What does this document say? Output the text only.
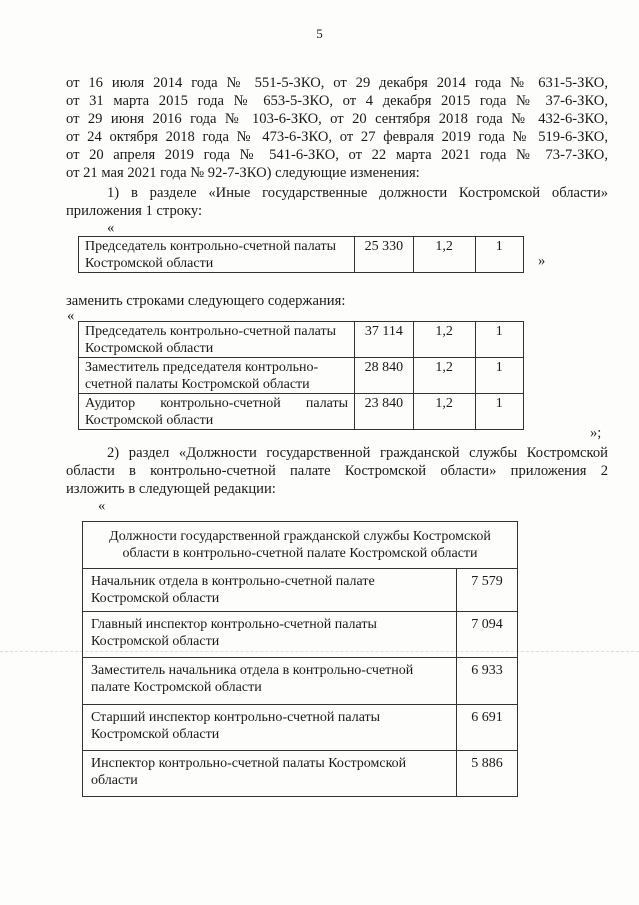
5
от 16 июля 2014 года № 551-5-ЗКО, от 29 декабря 2014 года № 631-5-ЗКО,
от 31 марта 2015 года № 653-5-ЗКО, от 4 декабря 2015 года № 37-6-ЗКО,
от 29 июня 2016 года № 103-6-ЗКО, от 20 сентября 2018 года № 432-6-ЗКО,
от 24 октября 2018 года № 473-6-ЗКО, от 27 февраля 2019 года № 519-6-ЗКО,
от 20 апреля 2019 года № 541-6-ЗКО, от 22 марта 2021 года № 73-7-ЗКО,
от 21 мая 2021 года № 92-7-ЗКО) следующие изменения:
1) в разделе «Иные государственные должности Костромской области»
приложения 1 строку:
«
Председатель контрольно-счетной палаты Костромской области	25 330	1,2	1
»
заменить строками следующего содержания:
«
Председатель контрольно-счетной палаты Костромской области	37 114	1,2	1
Заместитель председателя контрольно-счетной палаты Костромской области	28 840	1,2	1
Аудитор контрольно-счетной палаты Костромской области	23 840	1,2	1
»;
2) раздел «Должности государственной гражданской службы Костромской
области в контрольно-счетной палате Костромской области» приложения 2
изложить в следующей редакции:
«
Должности государственной гражданской службы Костромской области в контрольно-счетной палате Костромской области	
Начальник отдела в контрольно-счетной палате Костромской области	7 579
Главный инспектор контрольно-счетной палаты Костромской области	7 094
Заместитель начальника отдела в контрольно-счетной палате Костромской области	6 933
Старший инспектор контрольно-счетной палаты Костромской области	6 691
Инспектор контрольно-счетной палаты Костромской области	5 886
